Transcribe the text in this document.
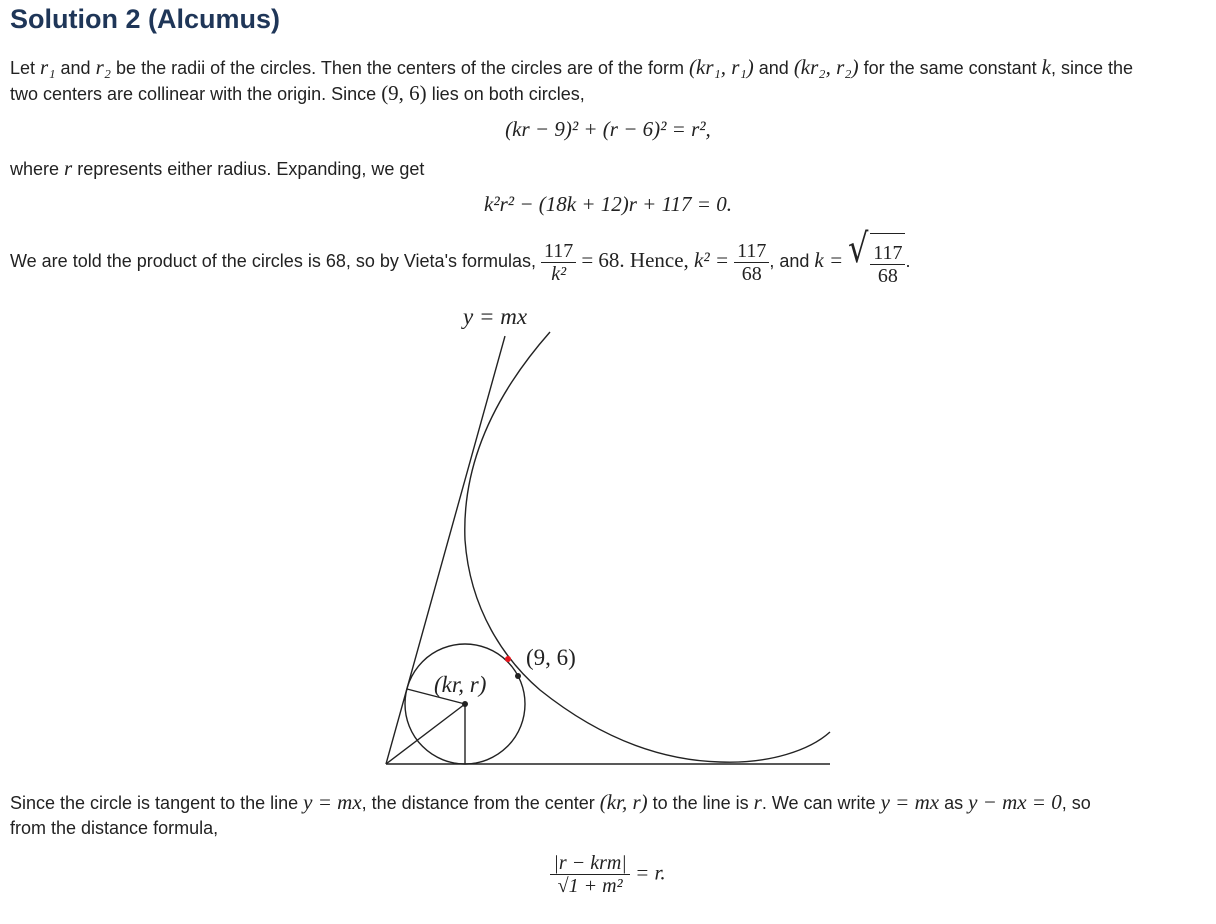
Solution 2 (Alcumus)
Let r₁ and r₂ be the radii of the circles. Then the centers of the circles are of the form (kr₁, r₁) and (kr₂, r₂) for the same constant k, since the
two centers are collinear with the origin. Since (9, 6) lies on both circles,
(kr − 9)² + (r − 6)² = r²,
where r represents either radius. Expanding, we get
k²r² − (18k + 12)r + 117 = 0.
We are told the product of the circles is 68, so by Vieta's formulas, $\frac{117}{\text{k²}} = 68$. Hence, $k^2 = \frac{117}{68}$ , and k = √ $\frac{117}{68}$ .
y = mx
(9, 6)
(kr, r)
Since the circle is tangent to the line y = mx, the distance from the center (kr, r) to the line is r. We can write y = mx as y − mx = 0, so
from the distance formula,
$\frac{\text{|r − krm|}}{\text{√1 + m²}} = r$.
